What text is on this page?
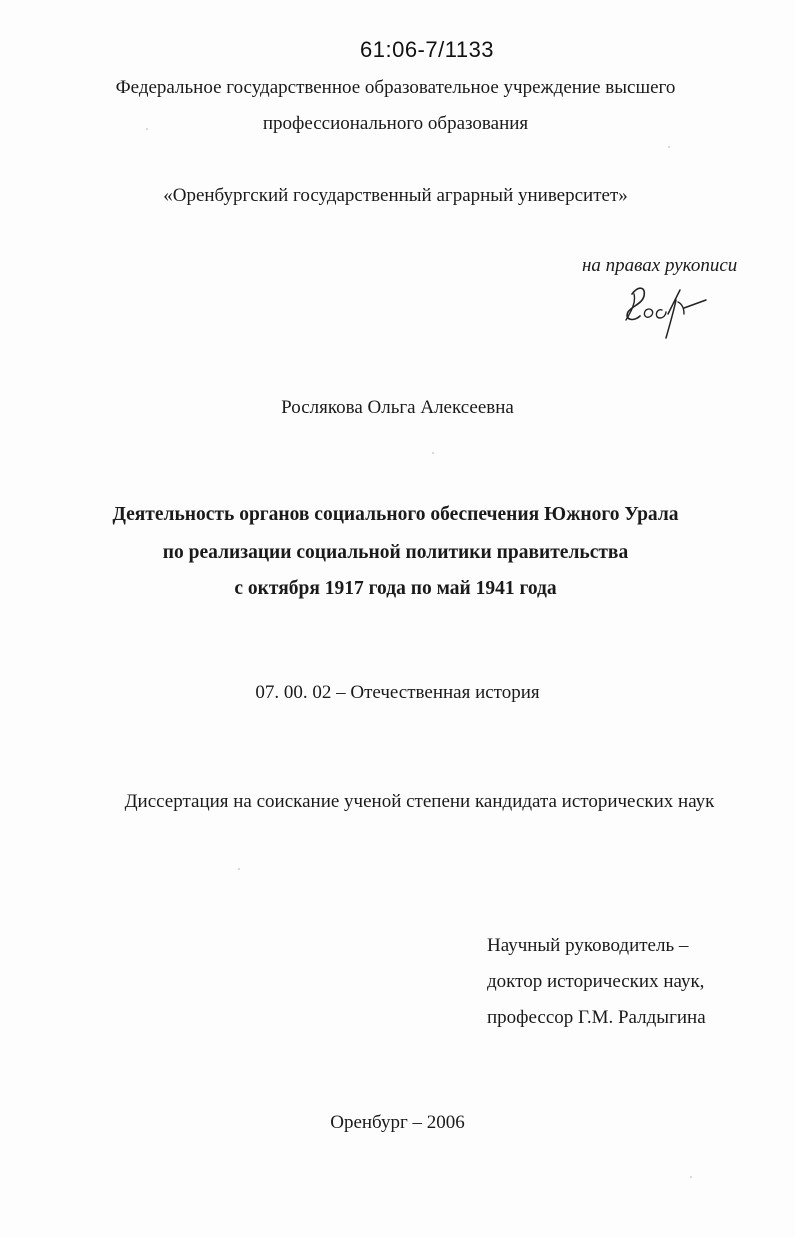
61:06-7/1133
Федеральное государственное образовательное учреждение высшего
профессионального образования
«Оренбургский государственный аграрный университет»
на правах рукописи
Рослякова Ольга Алексеевна
Деятельность органов социального обеспечения Южного Урала
по реализации социальной политики правительства
с октября 1917 года по май 1941 года
07. 00. 02 – Отечественная история
Диссертация на соискание ученой степени кандидата исторических наук
Научный руководитель –
доктор исторических наук,
профессор Г.М. Ралдыгина
Оренбург – 2006
